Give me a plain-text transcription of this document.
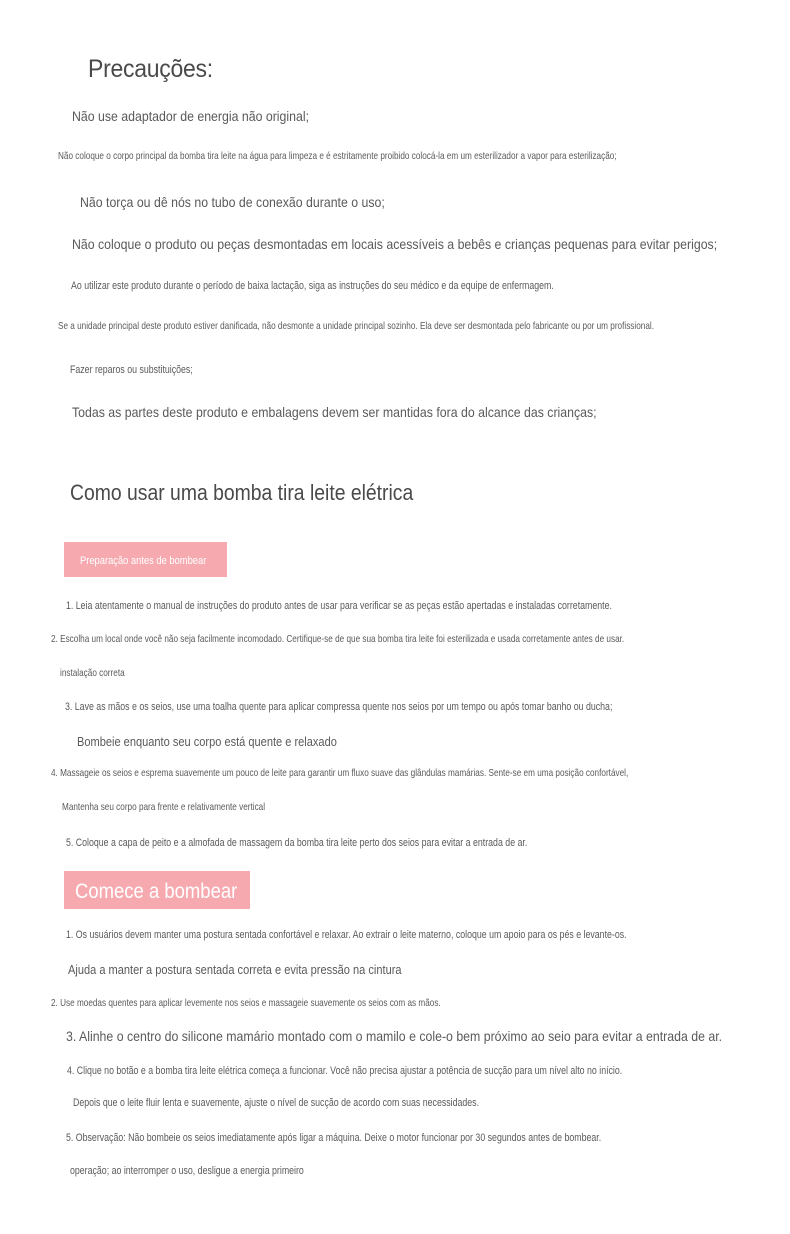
Precauções:
Não use adaptador de energia não original;
Não coloque o corpo principal da bomba tira leite na água para limpeza e é estritamente proibido colocá-la em um esterilizador a vapor para esterilização;
Não torça ou dê nós no tubo de conexão durante o uso;
Não coloque o produto ou peças desmontadas em locais acessíveis a bebês e crianças pequenas para evitar perigos;
Ao utilizar este produto durante o período de baixa lactação, siga as instruções do seu médico e da equipe de enfermagem.
Se a unidade principal deste produto estiver danificada, não desmonte a unidade principal sozinho. Ela deve ser desmontada pelo fabricante ou por um profissional.
Fazer reparos ou substituições;
Todas as partes deste produto e embalagens devem ser mantidas fora do alcance das crianças;
Como usar uma bomba tira leite elétrica
Preparação antes de bombear
1. Leia atentamente o manual de instruções do produto antes de usar para verificar se as peças estão apertadas e instaladas corretamente.
2. Escolha um local onde você não seja facilmente incomodado. Certifique-se de que sua bomba tira leite foi esterilizada e usada corretamente antes de usar.
instalação correta
3. Lave as mãos e os seios, use uma toalha quente para aplicar compressa quente nos seios por um tempo ou após tomar banho ou ducha;
Bombeie enquanto seu corpo está quente e relaxado
4. Massageie os seios e esprema suavemente um pouco de leite para garantir um fluxo suave das glândulas mamárias. Sente-se em uma posição confortável,
Mantenha seu corpo para frente e relativamente vertical
5. Coloque a capa de peito e a almofada de massagem da bomba tira leite perto dos seios para evitar a entrada de ar.
Comece a bombear
1. Os usuários devem manter uma postura sentada confortável e relaxar. Ao extrair o leite materno, coloque um apoio para os pés e levante-os.
Ajuda a manter a postura sentada correta e evita pressão na cintura
2. Use moedas quentes para aplicar levemente nos seios e massageie suavemente os seios com as mãos.
3. Alinhe o centro do silicone mamário montado com o mamilo e cole-o bem próximo ao seio para evitar a entrada de ar.
4. Clique no botão e a bomba tira leite elétrica começa a funcionar. Você não precisa ajustar a potência de sucção para um nível alto no início.
Depois que o leite fluir lenta e suavemente, ajuste o nível de sucção de acordo com suas necessidades.
5. Observação: Não bombeie os seios imediatamente após ligar a máquina. Deixe o motor funcionar por 30 segundos antes de bombear.
operação; ao interromper o uso, desligue a energia primeiro
